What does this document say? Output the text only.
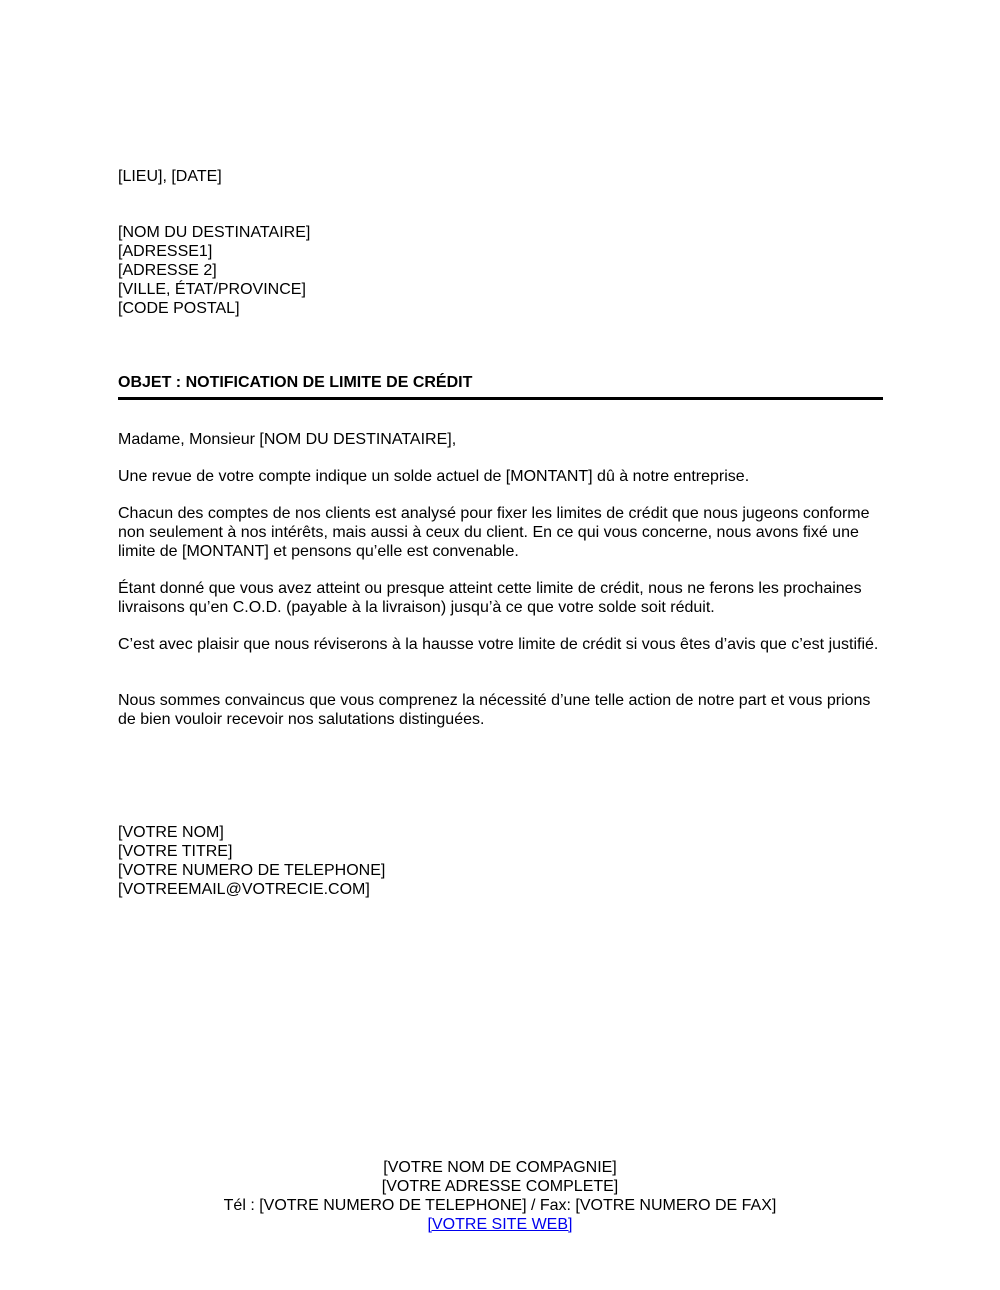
[LIEU], [DATE]
[NOM DU DESTINATAIRE]
[ADRESSE1]
[ADRESSE 2]
[VILLE, ÉTAT/PROVINCE]
[CODE POSTAL]
OBJET : NOTIFICATION DE LIMITE DE CRÉDIT
Madame, Monsieur [NOM DU DESTINATAIRE],
Une revue de votre compte indique un solde actuel de [MONTANT] dû à notre entreprise.
Chacun des comptes de nos clients est analysé pour fixer les limites de crédit que nous jugeons conforme non seulement à nos intérêts, mais aussi à ceux du client. En ce qui vous concerne, nous avons fixé une limite de [MONTANT] et pensons qu’elle est convenable.
Étant donné que vous avez atteint ou presque atteint cette limite de crédit, nous ne ferons les prochaines livraisons qu’en C.O.D. (payable à la livraison) jusqu’à ce que votre solde soit réduit.
C’est avec plaisir que nous réviserons à la hausse votre limite de crédit si vous êtes d’avis que c’est justifié.
Nous sommes convaincus que vous comprenez la nécessité d’une telle action de notre part et vous prions de bien vouloir recevoir nos salutations distinguées.
[VOTRE NOM]
[VOTRE TITRE]
[VOTRE NUMERO DE TELEPHONE]
[VOTREEMAIL@VOTRECIE.COM]
[VOTRE NOM DE COMPAGNIE]
[VOTRE ADRESSE COMPLETE]
Tél : [VOTRE NUMERO DE TELEPHONE] / Fax: [VOTRE NUMERO DE FAX]
[VOTRE SITE WEB]
